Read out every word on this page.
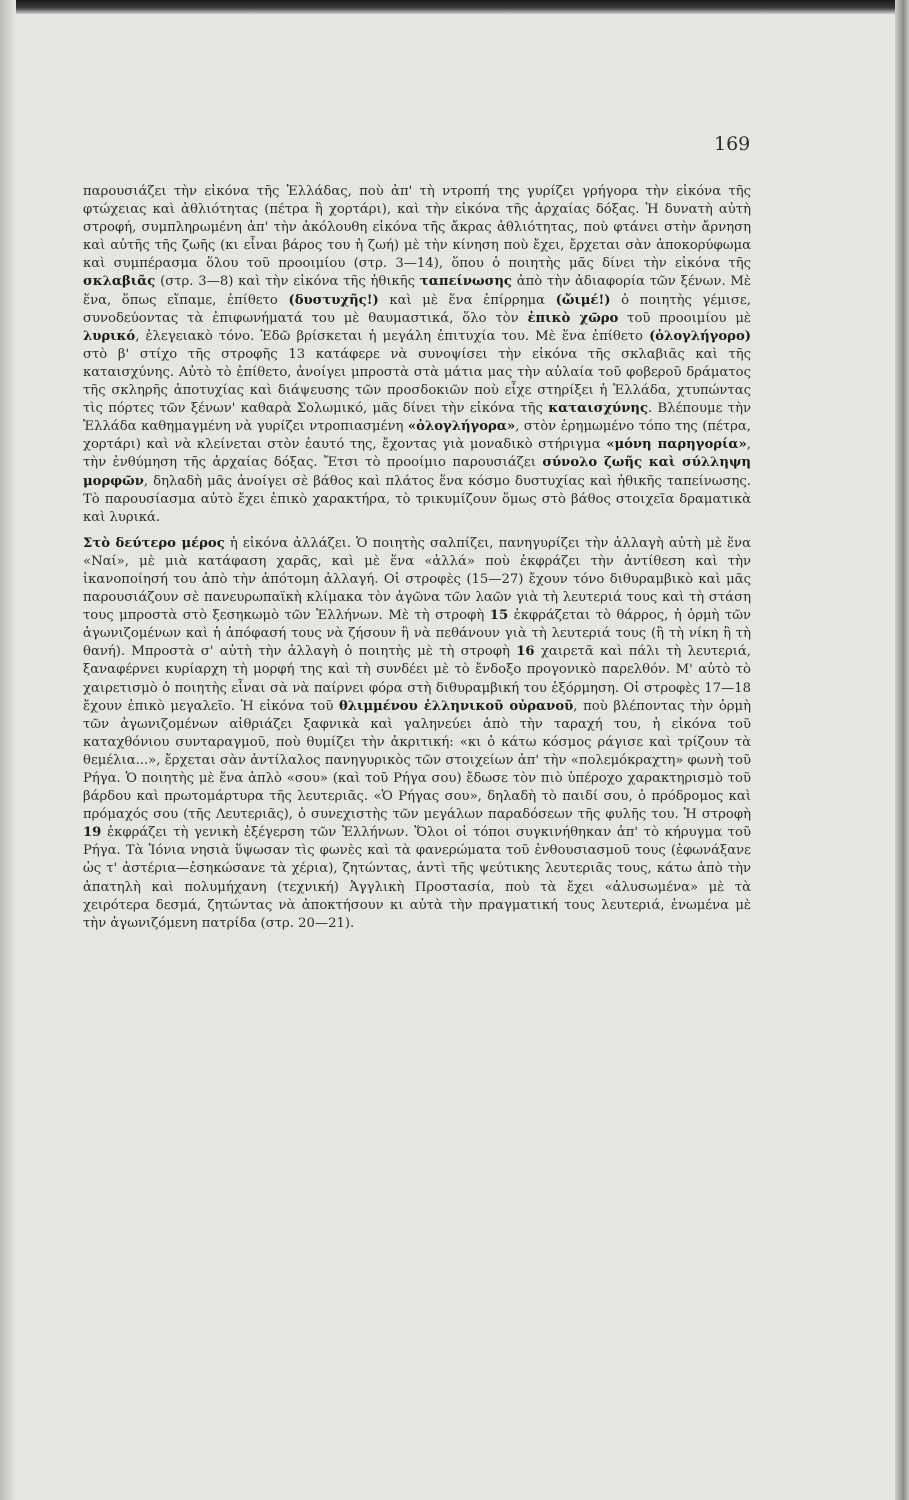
169

παρουσιάζει τὴν εἰκόνα τῆς Ἑλλάδας, ποὺ ἀπ' τὴ ντροπή της γυρίζει γρήγορα τὴν εἰκόνα τῆς φτώχειας καὶ ἀθλιότητας (πέτρα ἢ χορτάρι), καὶ τὴν εἰκόνα τῆς ἀρχαίας δόξας. Ἡ δυνατὴ αὐτὴ στροφή, συμπληρωμένη ἀπ' τὴν ἀκόλουθη εἰκόνα τῆς ἄκρας ἀθλιότητας, ποὺ φτάνει στὴν ἄρνηση καὶ αὐτῆς τῆς ζωῆς (κι εἶναι βάρος του ἡ ζωή) μὲ τὴν κίνηση ποὺ ἔχει, ἔρχεται σὰν ἀποκορύφωμα καὶ συμπέρασμα ὅλου τοῦ προοιμίου (στρ. 3—14), ὅπου ὁ ποιητὴς μᾶς δίνει τὴν εἰκόνα τῆς σκλαβιᾶς (στρ. 3—8) καὶ τὴν εἰκόνα τῆς ἠθικῆς ταπείνωσης ἀπὸ τὴν ἀδιαφορία τῶν ξένων. Μὲ ἕνα, ὅπως εἴπαμε, ἐπίθετο (δυστυχῆς!) καὶ μὲ ἕνα ἐπίρρημα (ὤιμέ!) ὁ ποιητὴς γέμισε, συνοδεύοντας τὰ ἐπιφωνήματά του μὲ θαυμαστικά, ὅλο τὸν ἐπικὸ χῶρο τοῦ προοιμίου μὲ λυρικό, ἐλεγειακὸ τόνο. Ἐδῶ βρίσκεται ἡ μεγάλη ἐπιτυχία του. Μὲ ἕνα ἐπίθετο (ὀλογλήγορο) στὸ β' στίχο τῆς στροφῆς 13 κατάφερε νὰ συνοψίσει τὴν εἰκόνα τῆς σκλαβιᾶς καὶ τῆς καταισχύνης. Αὐτὸ τὸ ἐπίθετο, ἀνοίγει μπροστὰ στὰ μάτια μας τὴν αὐλαία τοῦ φοβεροῦ δράματος τῆς σκληρῆς ἀποτυχίας καὶ διάψευσης τῶν προσδοκιῶν ποὺ εἶχε στηρίξει ἡ Ἑλλάδα, χτυπώντας τὶς πόρτες τῶν ξένων' καθαρὰ Σολωμικό, μᾶς δίνει τὴν εἰκόνα τῆς καταισχύνης. Βλέπουμε τὴν Ἑλλάδα καθημαγμένη νὰ γυρίζει ντροπιασμένη «ὀλογλήγορα», στὸν ἐρημωμένο τόπο της (πέτρα, χορτάρι) καὶ νὰ κλείνεται στὸν ἑαυτό της, ἔχοντας γιὰ μοναδικὸ στήριγμα «μόνη παρηγορία», τὴν ἐνθύμηση τῆς ἀρχαίας δόξας. Ἔτσι τὸ προοίμιο παρουσιάζει σύνολο ζωῆς καὶ σύλληψη μορφῶν, δηλαδὴ μᾶς ἀνοίγει σὲ βάθος καὶ πλάτος ἕνα κόσμο δυστυχίας καὶ ἠθικῆς ταπείνωσης. Τὸ παρουσίασμα αὐτὸ ἔχει ἐπικὸ χαρακτήρα, τὸ τρικυμίζουν ὅμως στὸ βάθος στοιχεῖα δραματικὰ καὶ λυρικά.

Στὸ δεύτερο μέρος ἡ εἰκόνα ἀλλάζει. Ὁ ποιητὴς σαλπίζει, πανηγυρίζει τὴν ἀλλαγὴ αὐτὴ μὲ ἕνα «Ναί», μὲ μιὰ κατάφαση χαρᾶς, καὶ μὲ ἕνα «ἀλλά» ποὺ ἐκφράζει τὴν ἀντίθεση καὶ τὴν ἱκανοποίησή του ἀπὸ τὴν ἀπότομη ἀλλαγή. Οἱ στροφὲς (15—27) ἔχουν τόνο διθυραμβικὸ καὶ μᾶς παρουσιάζουν σὲ πανευρωπαϊκὴ κλίμακα τὸν ἀγῶνα τῶν λαῶν γιὰ τὴ λευτεριά τους καὶ τὴ στάση τους μπροστὰ στὸ ξεσηκωμὸ τῶν Ἑλλήνων. Μὲ τὴ στροφὴ 15 ἐκφράζεται τὸ θάρρος, ἡ ὁρμὴ τῶν ἀγωνιζομένων καὶ ἡ ἀπόφασή τους νὰ ζήσουν ἢ νὰ πεθάνουν γιὰ τὴ λευτεριά τους (ἢ τὴ νίκη ἢ τὴ θανή). Μπροστὰ σ' αὐτὴ τὴν ἀλλαγὴ ὁ ποιητὴς μὲ τὴ στροφὴ 16 χαιρετᾶ καὶ πάλι τὴ λευτεριά, ξαναφέρνει κυρίαρχη τὴ μορφή της καὶ τὴ συνδέει μὲ τὸ ἔνδοξο προγονικὸ παρελθόν. Μ' αὐτὸ τὸ χαιρετισμὸ ὁ ποιητὴς εἶναι σὰ νὰ παίρνει φόρα στὴ διθυραμβική του ἐξόρμηση. Οἱ στροφὲς 17—18 ἔχουν ἐπικὸ μεγαλεῖο. Ἡ εἰκόνα τοῦ θλιμμένου ἑλληνικοῦ οὐρανοῦ, ποὺ βλέποντας τὴν ὁρμὴ τῶν ἀγωνιζομένων αἰθριάζει ξαφνικὰ καὶ γαληνεύει ἀπὸ τὴν ταραχή του, ἡ εἰκόνα τοῦ καταχθόνιου συνταραγμοῦ, ποὺ θυμίζει τὴν ἀκριτική: «κι ὁ κάτω κόσμος ράγισε καὶ τρίζουν τὰ θεμέλια...», ἔρχεται σὰν ἀντίλαλος πανηγυρικὸς τῶν στοιχείων ἀπ' τὴν «πολεμόκραχτη» φωνὴ τοῦ Ρήγα. Ὁ ποιητὴς μὲ ἕνα ἁπλὸ «σου» (καὶ τοῦ Ρήγα σου) ἔδωσε τὸν πιὸ ὑπέροχο χαρακτηρισμὸ τοῦ βάρδου καὶ πρωτομάρτυρα τῆς λευτεριᾶς. «Ὁ Ρήγας σου», δηλαδὴ τὸ παιδί σου, ὁ πρόδρομος καὶ πρόμαχός σου (τῆς Λευτεριᾶς), ὁ συνεχιστὴς τῶν μεγάλων παραδόσεων τῆς φυλῆς του. Ἡ στροφὴ 19 ἐκφράζει τὴ γενικὴ ἐξέγερση τῶν Ἑλλήνων. Ὅλοι οἱ τόποι συγκινήθηκαν ἀπ' τὸ κήρυγμα τοῦ Ρήγα. Τὰ Ἰόνια νησιὰ ὕψωσαν τὶς φωνὲς καὶ τὰ φανερώματα τοῦ ἐνθουσιασμοῦ τους (ἐφωνάξανε ὡς τ' ἀστέρια—ἐσηκώσανε τὰ χέρια), ζητώντας, ἀντὶ τῆς ψεύτικης λευτεριᾶς τους, κάτω ἀπὸ τὴν ἀπατηλὴ καὶ πολυμήχανη (τεχνική) Ἀγγλικὴ Προστασία, ποὺ τὰ ἔχει «ἁλυσωμένα» μὲ τὰ χειρότερα δεσμά, ζητώντας νὰ ἀποκτήσουν κι αὐτὰ τὴν πραγματική τους λευτεριά, ἑνωμένα μὲ τὴν ἀγωνιζόμενη πατρίδα (στρ. 20—21).
